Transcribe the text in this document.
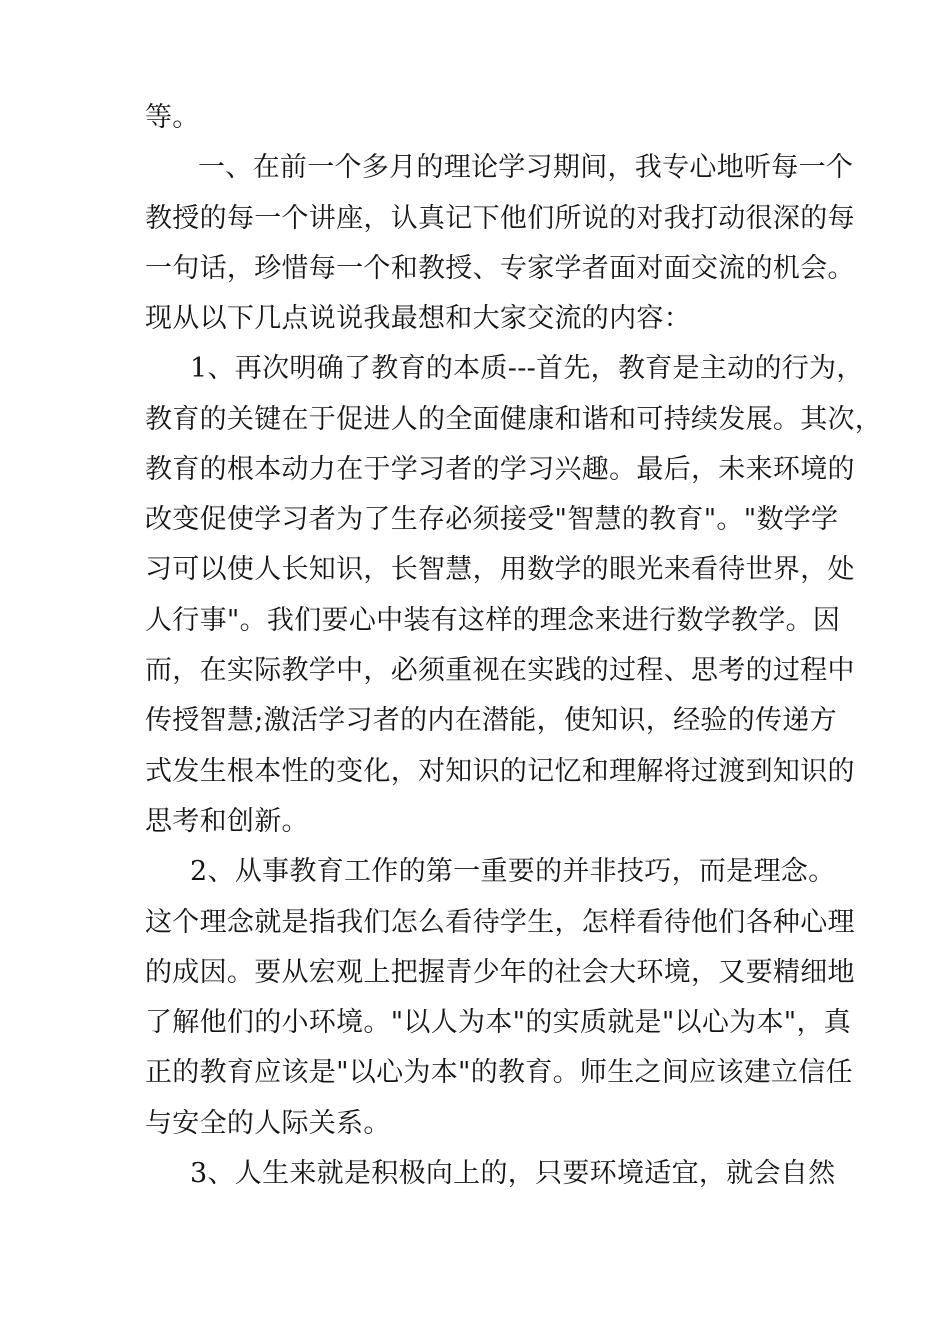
等。
一、在前一个多月的理论学习期间，我专心地听每一个
教授的每一个讲座，认真记下他们所说的对我打动很深的每
一句话，珍惜每一个和教授、专家学者面对面交流的机会。
现从以下几点说说我最想和大家交流的内容：
1、再次明确了教育的本质---首先，教育是主动的行为，
教育的关键在于促进人的全面健康和谐和可持续发展。其次，
教育的根本动力在于学习者的学习兴趣。最后，未来环境的
改变促使学习者为了生存必须接受"智慧的教育"。"数学学
习可以使人长知识，长智慧，用数学的眼光来看待世界，处
人行事"。我们要心中装有这样的理念来进行数学教学。因
而，在实际教学中，必须重视在实践的过程、思考的过程中
传授智慧;激活学习者的内在潜能，使知识，经验的传递方
式发生根本性的变化，对知识的记忆和理解将过渡到知识的
思考和创新。
2、从事教育工作的第一重要的并非技巧，而是理念。
这个理念就是指我们怎么看待学生，怎样看待他们各种心理
的成因。要从宏观上把握青少年的社会大环境，又要精细地
了解他们的小环境。"以人为本"的实质就是"以心为本"，真
正的教育应该是"以心为本"的教育。师生之间应该建立信任
与安全的人际关系。
3、人生来就是积极向上的，只要环境适宜，就会自然
